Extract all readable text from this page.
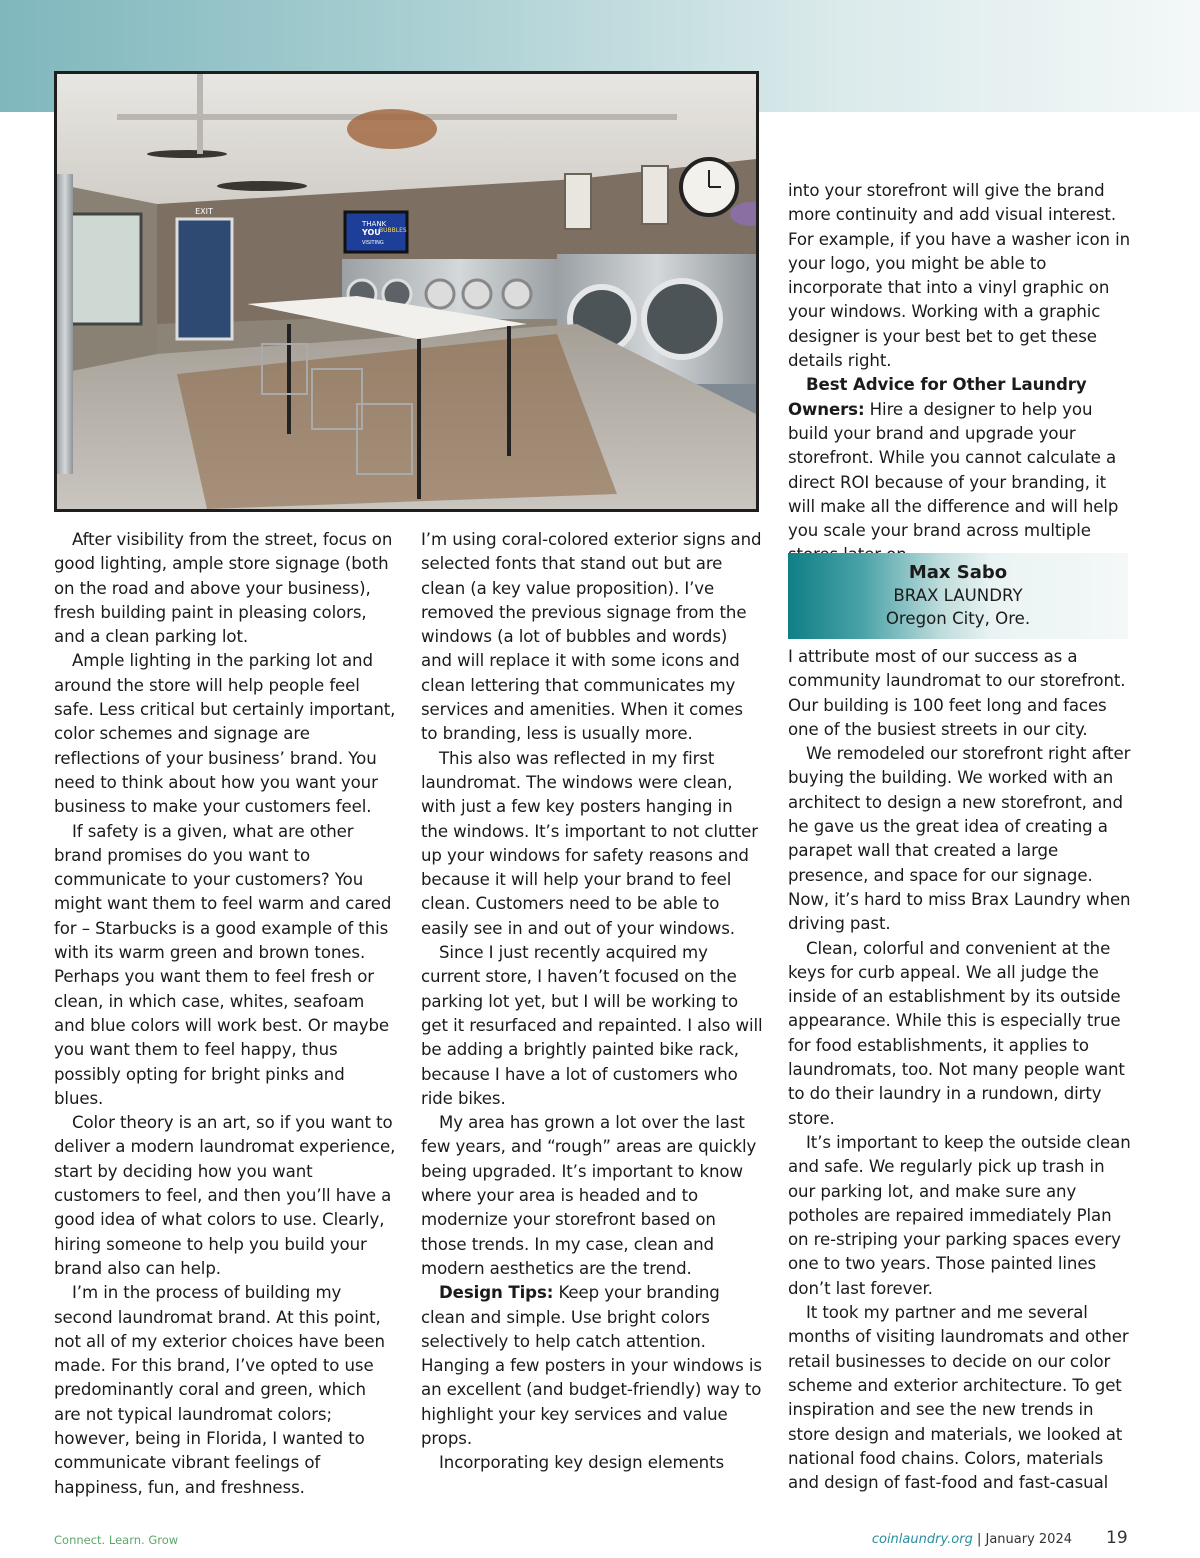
EXIT
THANK
YOU
VISITING
BUBBLES

After visibility from the street, focus on good lighting, ample store signage (both on the road and above your business), fresh building paint in pleasing colors, and a clean parking lot.

Ample lighting in the parking lot and around the store will help people feel safe. Less critical but certainly important, color schemes and signage are reflections of your business’ brand. You need to think about how you want your business to make your customers feel.

If safety is a given, what are other brand promises do you want to communicate to your customers? You might want them to feel warm and cared for – Starbucks is a good example of this with its warm green and brown tones. Perhaps you want them to feel fresh or clean, in which case, whites, seafoam and blue colors will work best. Or maybe you want them to feel happy, thus possibly opting for bright pinks and blues.

Color theory is an art, so if you want to deliver a modern laundromat experience, start by deciding how you want customers to feel, and then you’ll have a good idea of what colors to use. Clearly, hiring someone to help you build your brand also can help.

I’m in the process of building my second laundromat brand. At this point, not all of my exterior choices have been made. For this brand, I’ve opted to use predominantly coral and green, which are not typical laundromat colors; however, being in Florida, I wanted to communicate vibrant feelings of happiness, fun, and freshness.

I’m using coral-colored exterior signs and selected fonts that stand out but are clean (a key value proposition). I’ve removed the previous signage from the windows (a lot of bubbles and words) and will replace it with some icons and clean lettering that communicates my services and amenities. When it comes to branding, less is usually more.

This also was reflected in my first laundromat. The windows were clean, with just a few key posters hanging in the windows. It’s important to not clutter up your windows for safety reasons and because it will help your brand to feel clean. Customers need to be able to easily see in and out of your windows.

Since I just recently acquired my current store, I haven’t focused on the parking lot yet, but I will be working to get it resurfaced and repainted. I also will be adding a brightly painted bike rack, because I have a lot of customers who ride bikes.

My area has grown a lot over the last few years, and “rough” areas are quickly being upgraded. It’s important to know where your area is headed and to modernize your storefront based on those trends. In my case, clean and modern aesthetics are the trend.

Design Tips: Keep your branding clean and simple. Use bright colors selectively to help catch attention. Hanging a few posters in your windows is an excellent (and budget-friendly) way to highlight your key services and value props.

Incorporating key design elements

into your storefront will give the brand more continuity and add visual interest. For example, if you have a washer icon in your logo, you might be able to incorporate that into a vinyl graphic on your windows. Working with a graphic designer is your best bet to get these details right.

Best Advice for Other Laundry Owners: Hire a designer to help you build your brand and upgrade your storefront. While you cannot calculate a direct ROI because of your branding, it will make all the difference and will help you scale your brand across multiple

Max Sabo
BRAX LAUNDRY
Oregon City, Ore.

I attribute most of our success as a community laundromat to our storefront. Our building is 100 feet long and faces one of the busiest streets in our city.

We remodeled our storefront right after buying the building. We worked with an architect to design a new storefront, and he gave us the great idea of creating a parapet wall that created a large presence, and space for our signage. Now, it’s hard to miss Brax Laundry when driving past.

Clean, colorful and convenient at the keys for curb appeal. We all judge the inside of an establishment by its outside appearance. While this is especially true for food establishments, it applies to laundromats, too. Not many people want to do their laundry in a rundown, dirty store.

It’s important to keep the outside clean and safe. We regularly pick up trash in our parking lot, and make sure any potholes are repaired immediately Plan on re-striping your parking spaces every one to two years. Those painted lines don’t last forever.

It took my partner and me several months of visiting laundromats and other retail businesses to decide on our color scheme and exterior architecture. To get inspiration and see the new trends in store design and materials, we looked at national food chains. Colors, materials and design of fast-food and fast-casual

Connect. Learn. Grow	coinlaundry.org | January 2024 19
